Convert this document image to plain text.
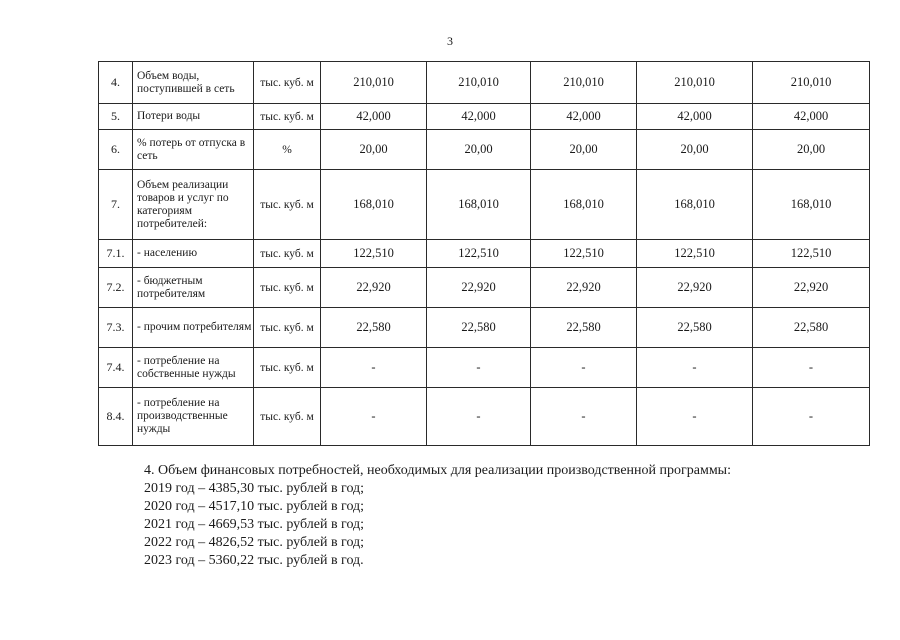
3
4.	Объем воды, поступившей в сеть	тыс. куб. м	210,010	210,010	210,010	210,010	210,010
5.	Потери воды	тыс. куб. м	42,000	42,000	42,000	42,000	42,000
6.	% потерь от отпуска в сеть	%	20,00	20,00	20,00	20,00	20,00
7.	Объем реализации товаров и услуг по категориям потребителей:	тыс. куб. м	168,010	168,010	168,010	168,010	168,010
7.1.	- населению	тыс. куб. м	122,510	122,510	122,510	122,510	122,510
7.2.	- бюджетным потребителям	тыс. куб. м	22,920	22,920	22,920	22,920	22,920
7.3.	- прочим потребителям	тыс. куб. м	22,580	22,580	22,580	22,580	22,580
7.4.	- потребление на собственные нужды	тыс. куб. м	-	-	-	-	-
8.4.	- потребление на производственные нужды	тыс. куб. м	-	-	-	-	-
4. Объем финансовых потребностей, необходимых для реализации производственной программы:
2019 год – 4385,30 тыс. рублей в год;
2020 год – 4517,10 тыс. рублей в год;
2021 год – 4669,53 тыс. рублей в год;
2022 год – 4826,52 тыс. рублей в год;
2023 год – 5360,22 тыс. рублей в год.
